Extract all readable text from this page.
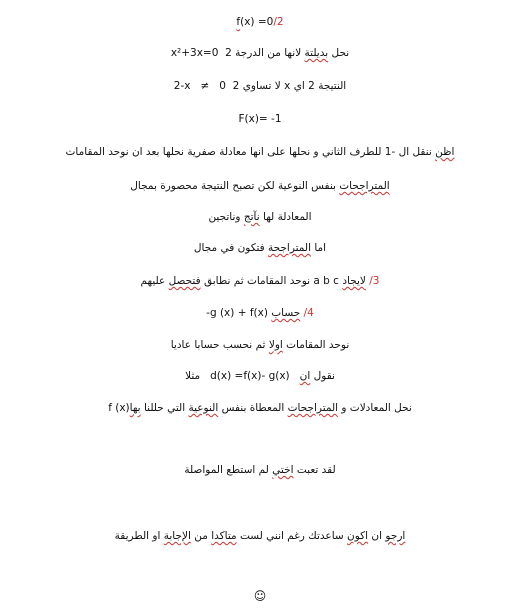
f(x) =0/2
نحل بديلتة لانها من الدرجة 2  x²+3x=0
النتيجة 2 اي x لا تساوي 2  2-x ≠ 0
F(x)= -1
اظن ننقل ال -1 للطرف الثاني و نحلها على انها معادلة صفرية نحلها بعد ان نوحد المقامات
المتراجحات بنفس النوعية لكن تصبح النتيجة محصورة بمجال
المعادلة لها نآتج وناتجين
اما المتراجحة فتكون في مجال
3/ لايجاد a b c نوحد المقامات ثم نطابق فتحصل عليهم
4/ حساب -g (x) + f(x)
نوحد المقامات اولا ثم نحسب حسابا عاديا
نقول ان   d(x) =f(x)- g(x)   مثلا
نحل المعادلات و المتراجحات المعطاة بنفس النوعية التي حللنا بهاf (x)
لقد تعبت اختي لم استطع المواصلة
ارجو ان اكون ساعدتك رغم انني لست متاكدا من الإجابة او الطريقة
☺
